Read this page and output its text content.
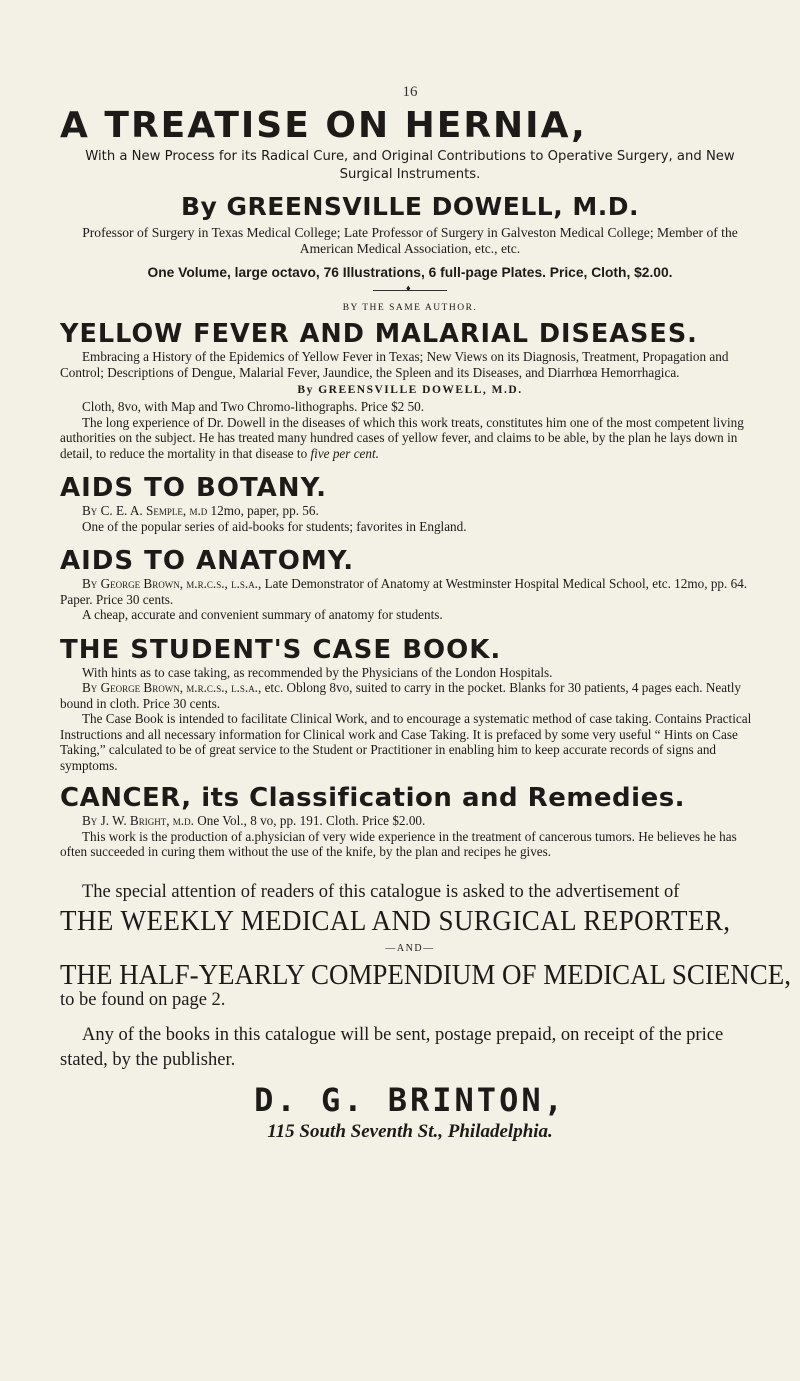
16
A TREATISE ON HERNIA,
With a New Process for its Radical Cure, and Original Contributions to Operative Surgery, and New Surgical Instruments.
By GREENSVILLE DOWELL, M.D.
Professor of Surgery in Texas Medical College; Late Professor of Surgery in Galveston Medical College; Member of the American Medical Association, etc., etc.
One Volume, large octavo, 76 Illustrations, 6 full-page Plates. Price, Cloth, $2.00.
♦
BY THE SAME AUTHOR.
YELLOW FEVER AND MALARIAL DISEASES.
Embracing a History of the Epidemics of Yellow Fever in Texas; New Views on its Diagnosis, Treatment, Propagation and Control; Descriptions of Dengue, Malarial Fever, Jaundice, the Spleen and its Diseases, and Diarrhœa Hemorrhagica.
By GREENSVILLE DOWELL, M.D.
Cloth, 8vo, with Map and Two Chromo-lithographs. Price $2 50.
The long experience of Dr. Dowell in the diseases of which this work treats, constitutes him one of the most competent living authorities on the subject. He has treated many hundred cases of yellow fever, and claims to be able, by the plan he lays down in detail, to reduce the mortality in that disease to five per cent.
AIDS TO BOTANY.
By C. E. A. Semple, m.d 12mo, paper, pp. 56.
One of the popular series of aid-books for students; favorites in England.
AIDS TO ANATOMY.
By George Brown, m.r.c.s., l.s.a., Late Demonstrator of Anatomy at Westminster Hospital Medical School, etc. 12mo, pp. 64. Paper. Price 30 cents.
A cheap, accurate and convenient summary of anatomy for students.
THE STUDENT'S CASE BOOK.
With hints as to case taking, as recommended by the Physicians of the London Hospitals.
By George Brown, m.r.c.s., l.s.a., etc. Oblong 8vo, suited to carry in the pocket. Blanks for 30 patients, 4 pages each. Neatly bound in cloth. Price 30 cents.
The Case Book is intended to facilitate Clinical Work, and to encourage a systematic method of case taking. Contains Practical Instructions and all necessary information for Clinical work and Case Taking. It is prefaced by some very useful “ Hints on Case Taking,” calculated to be of great service to the Student or Practitioner in enabling him to keep accurate records of signs and symptoms.
CANCER, its Classification and Remedies.
By J. W. Bright, m.d. One Vol., 8 vo, pp. 191. Cloth. Price $2.00.
This work is the production of a.physician of very wide experience in the treatment of cancerous tumors. He believes he has often succeeded in curing them without the use of the knife, by the plan and recipes he gives.
The special attention of readers of this catalogue is asked to the advertisement of
THE WEEKLY MEDICAL AND SURGICAL REPORTER,
—AND—
THE HALF-YEARLY COMPENDIUM OF MEDICAL SCIENCE,
to be found on page 2.
Any of the books in this catalogue will be sent, postage prepaid, on receipt of the price stated, by the publisher.
D. G. BRINTON,
115 South Seventh St., Philadelphia.
